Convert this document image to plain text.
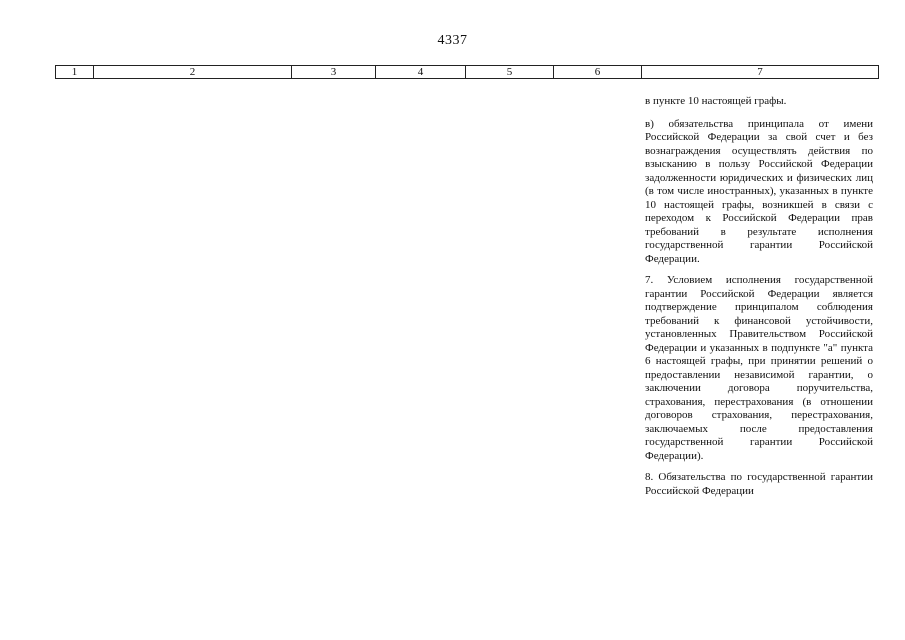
4337
1	2	3	4	5	6	7

в пункте 10 настоящей графы.

в) обязательства принципала от имени Российской Федерации за свой счет и без вознаграждения осуществлять действия по взысканию в пользу Российской Федерации задолженности юридических и физических лиц (в том числе иностранных), указанных в пункте 10 настоящей графы, возникшей в связи с переходом к Российской Федерации прав требований в результате исполнения государственной гарантии Российской Федерации.

7. Условием исполнения государственной гарантии Российской Федерации является подтверждение принципалом соблюдения требований к финансовой устойчивости, установленных Правительством Российской Федерации и указанных в подпункте "а" пункта 6 настоящей графы, при принятии решений о предоставлении независимой гарантии, о заключении договора поручительства, страхования, перестрахования (в отношении договоров страхования, перестрахования, заключаемых после предоставления государственной гарантии Российской Федерации).

8. Обязательства по государственной гарантии Российской Федерации
